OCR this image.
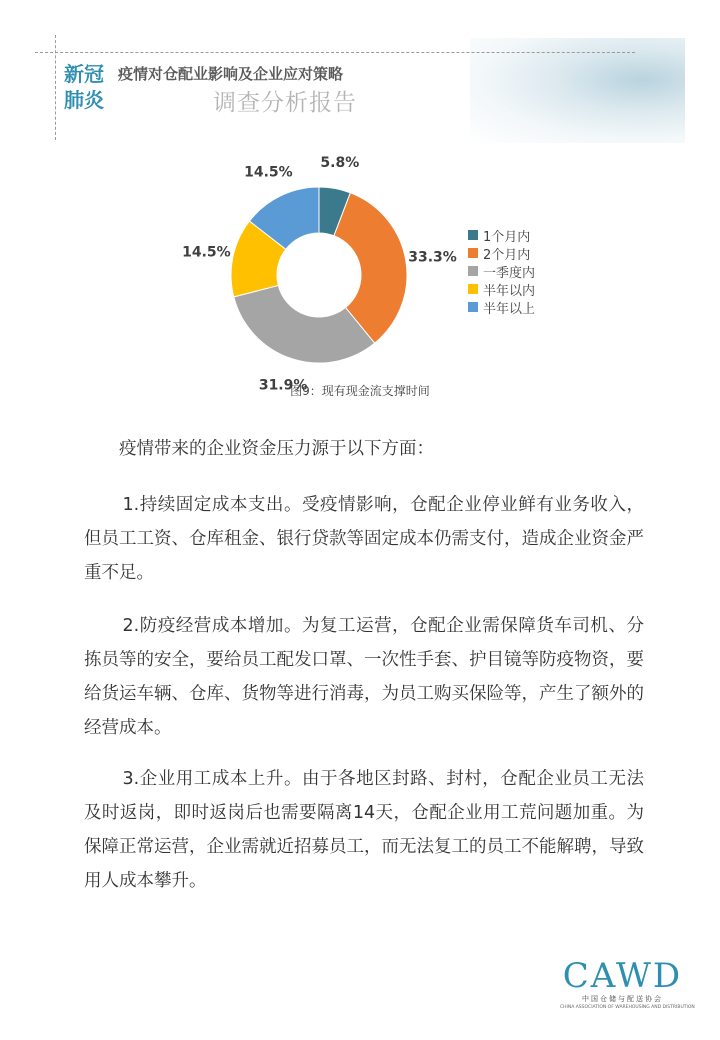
新冠
肺炎
疫情对仓配业影响及企业应对策略
调查分析报告
5.8%
33.3%
31.9%
14.5%
14.5%
1个月内
2个月内
一季度内
半年以内
半年以上
图9：现有现金流支撑时间
疫情带来的企业资金压力源于以下方面：
1.持续固定成本支出。受疫情影响，仓配企业停业鲜有业务收入，但员工工资、仓库租金、银行贷款等固定成本仍需支付，造成企业资金严重不足。
2.防疫经营成本增加。为复工运营，仓配企业需保障货车司机、分拣员等的安全，要给员工配发口罩、一次性手套、护目镜等防疫物资，要给货运车辆、仓库、货物等进行消毒，为员工购买保险等，产生了额外的经营成本。
3.企业用工成本上升。由于各地区封路、封村，仓配企业员工无法及时返岗，即时返岗后也需要隔离14天，仓配企业用工荒问题加重。为保障正常运营，企业需就近招募员工，而无法复工的员工不能解聘，导致用人成本攀升。
CAWD
中国仓储与配送协会
CHINA ASSOCIATION OF WAREHOUSING AND DISTRIBUTION
